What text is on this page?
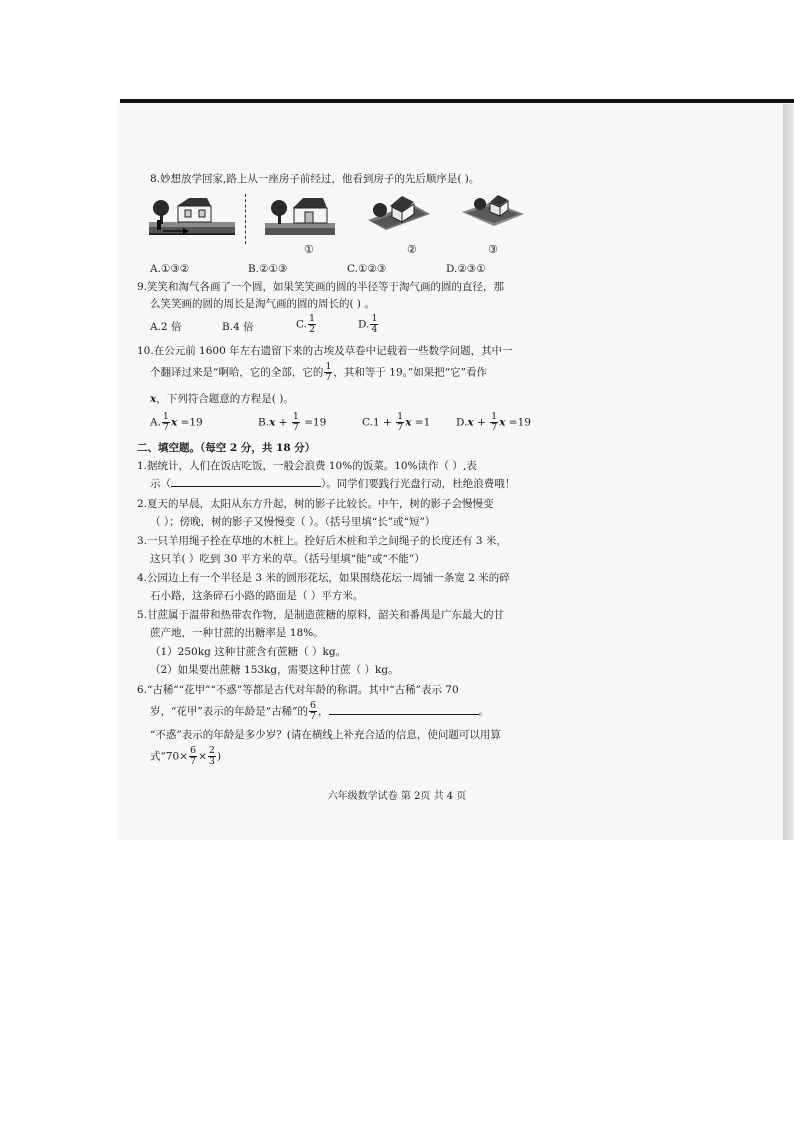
8.妙想放学回家,路上从一座房子前经过，他看到房子的先后顺序是( )。
①	②	③
A.①③②	B.②①③	C.①②③	D.②③①
9.笑笑和淘气各画了一个圆，如果笑笑画的圆的半径等于淘气画的圆的直径，那
么笑笑画的圆的周长是淘气画的圆的周长的( ) 。
A.2 倍	B.4 倍	C. $\frac{1}{2}$	D. $\frac{1}{4}$
10.在公元前 1600 年左右遗留下来的古埃及草卷中记载着一些数学问题，其中一
个翻译过来是“啊哈，它的全部，它的 $\frac{1}{7}$ ，其和等于 19。”如果把“它”看作
x，下列符合题意的方程是( )。
A. $\frac{1}{7}$ x =19	$B.x + \frac{1}{7} =19$	$C.1 + \frac{1}{7}$ x =1 $D.x + \frac{1}{7}$ x =19
二、填空题。（每空 2 分，共 18 分）
1.据统计，人们在饭店吃饭，一般会浪费 10%的饭菜。10%读作（ ）,表
示（	）。同学们要践行光盘行动，杜绝浪费哦！
2.夏天的早晨，太阳从东方升起，树的影子比较长。中午，树的影子会慢慢变
（ ）；傍晚，树的影子又慢慢变（ ）。（括号里填“长”或“短”）
3.一只羊用绳子拴在草地的木桩上。拴好后木桩和羊之间绳子的长度还有 3 米，
这只羊( ）吃到 30 平方米的草。（括号里填“能”或“不能”）
4.公园边上有一个半径是 3 米的圆形花坛，如果围绕花坛一周铺一条宽 2 米的碎
石小路，这条碎石小路的路面是（ ）平方米。
5.甘蔗属于温带和热带农作物，是制造蔗糖的原料，韶关和番禺是广东最大的甘
蔗产地，一种甘蔗的出糖率是 18%。
（1）250kg 这种甘蔗含有蔗糖（ ）kg。
（2）如果要出蔗糖 153kg，需要这种甘蔗（ ）kg。
6.“古稀”“花甲”“不惑”等都是古代对年龄的称谓。其中“古稀”表示 70
岁，“花甲”表示的年龄是“古稀”的 $\frac{6}{7}$ ，	。
“不惑”表示的年龄是多少岁？(请在横线上补充合适的信息，使问题可以用算
式“$70\times \frac{6}{7} \times \frac{2}{3}$ )
六年级数学试卷 第 2页 共 4 页
